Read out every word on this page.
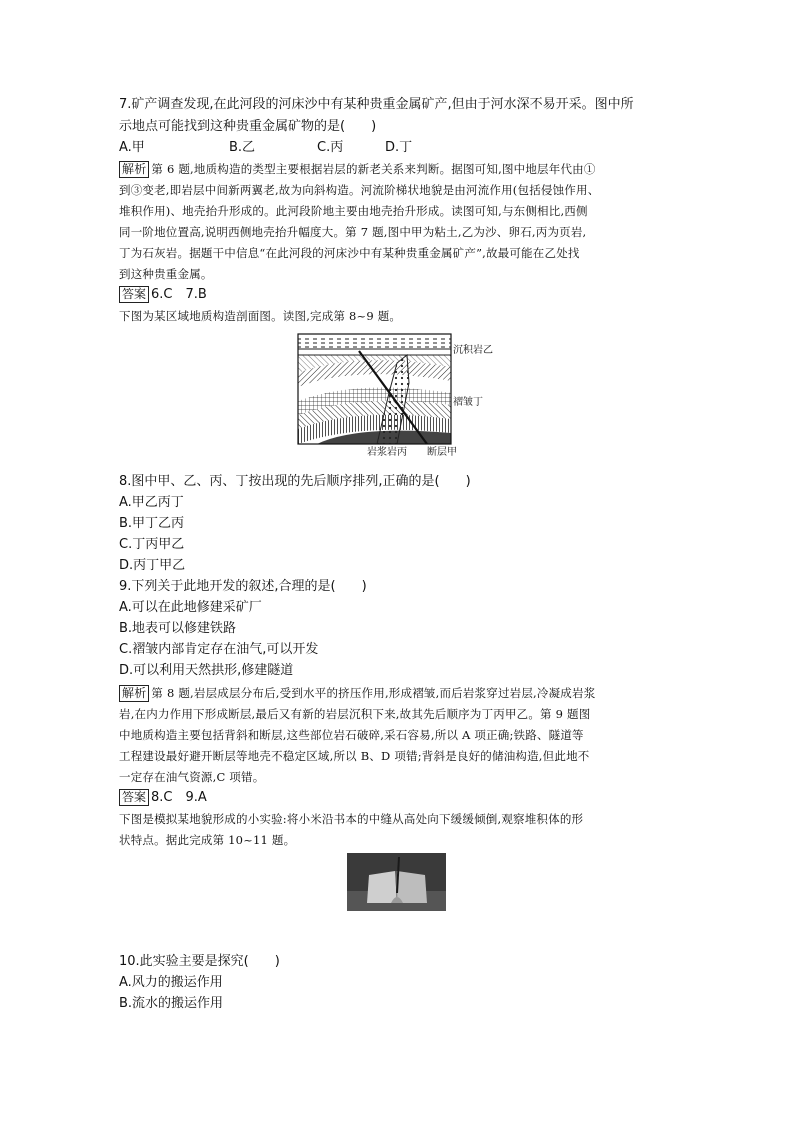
7.矿产调查发现,在此河段的河床沙中有某种贵重金属矿产,但由于河水深不易开采。图中所
示地点可能找到这种贵重金属矿物的是(　　)
A.甲	B.乙	C.丙	D.丁
解析 第 6 题,地质构造的类型主要根据岩层的新老关系来判断。据图可知,图中地层年代由①
到③变老,即岩层中间新两翼老,故为向斜构造。河流阶梯状地貌是由河流作用(包括侵蚀作用、
堆积作用)、地壳抬升形成的。此河段阶地主要由地壳抬升形成。读图可知,与东侧相比,西侧
同一阶地位置高,说明西侧地壳抬升幅度大。第 7 题,图中甲为粘土,乙为沙、卵石,丙为页岩,
丁为石灰岩。据题干中信息“在此河段的河床沙中有某种贵重金属矿产”,故最可能在乙处找
到这种贵重金属。
答案 6.C　7.B
下图为某区域地质构造剖面图。读图,完成第 8~9 题。
沉积岩乙
褶皱丁
岩浆岩丙 断层甲
8.图中甲、乙、丙、丁按出现的先后顺序排列,正确的是(　　)
A.甲乙丙丁
B.甲丁乙丙
C.丁丙甲乙
D.丙丁甲乙
9.下列关于此地开发的叙述,合理的是(　　)
A.可以在此地修建采矿厂
B.地表可以修建铁路
C.褶皱内部肯定存在油气,可以开发
D.可以利用天然拱形,修建隧道
解析 第 8 题,岩层成层分布后,受到水平的挤压作用,形成褶皱,而后岩浆穿过岩层,冷凝成岩浆
岩,在内力作用下形成断层,最后又有新的岩层沉积下来,故其先后顺序为丁丙甲乙。第 9 题图
中地质构造主要包括背斜和断层,这些部位岩石破碎,采石容易,所以 A 项正确;铁路、隧道等
工程建设最好避开断层等地壳不稳定区域,所以 B、D 项错;背斜是良好的储油构造,但此地不
一定存在油气资源,C 项错。
答案 8.C　9.A
下图是模拟某地貌形成的小实验:将小米沿书本的中缝从高处向下缓缓倾倒,观察堆积体的形
状特点。据此完成第 10~11 题。
10.此实验主要是探究(　　)
A.风力的搬运作用
B.流水的搬运作用
